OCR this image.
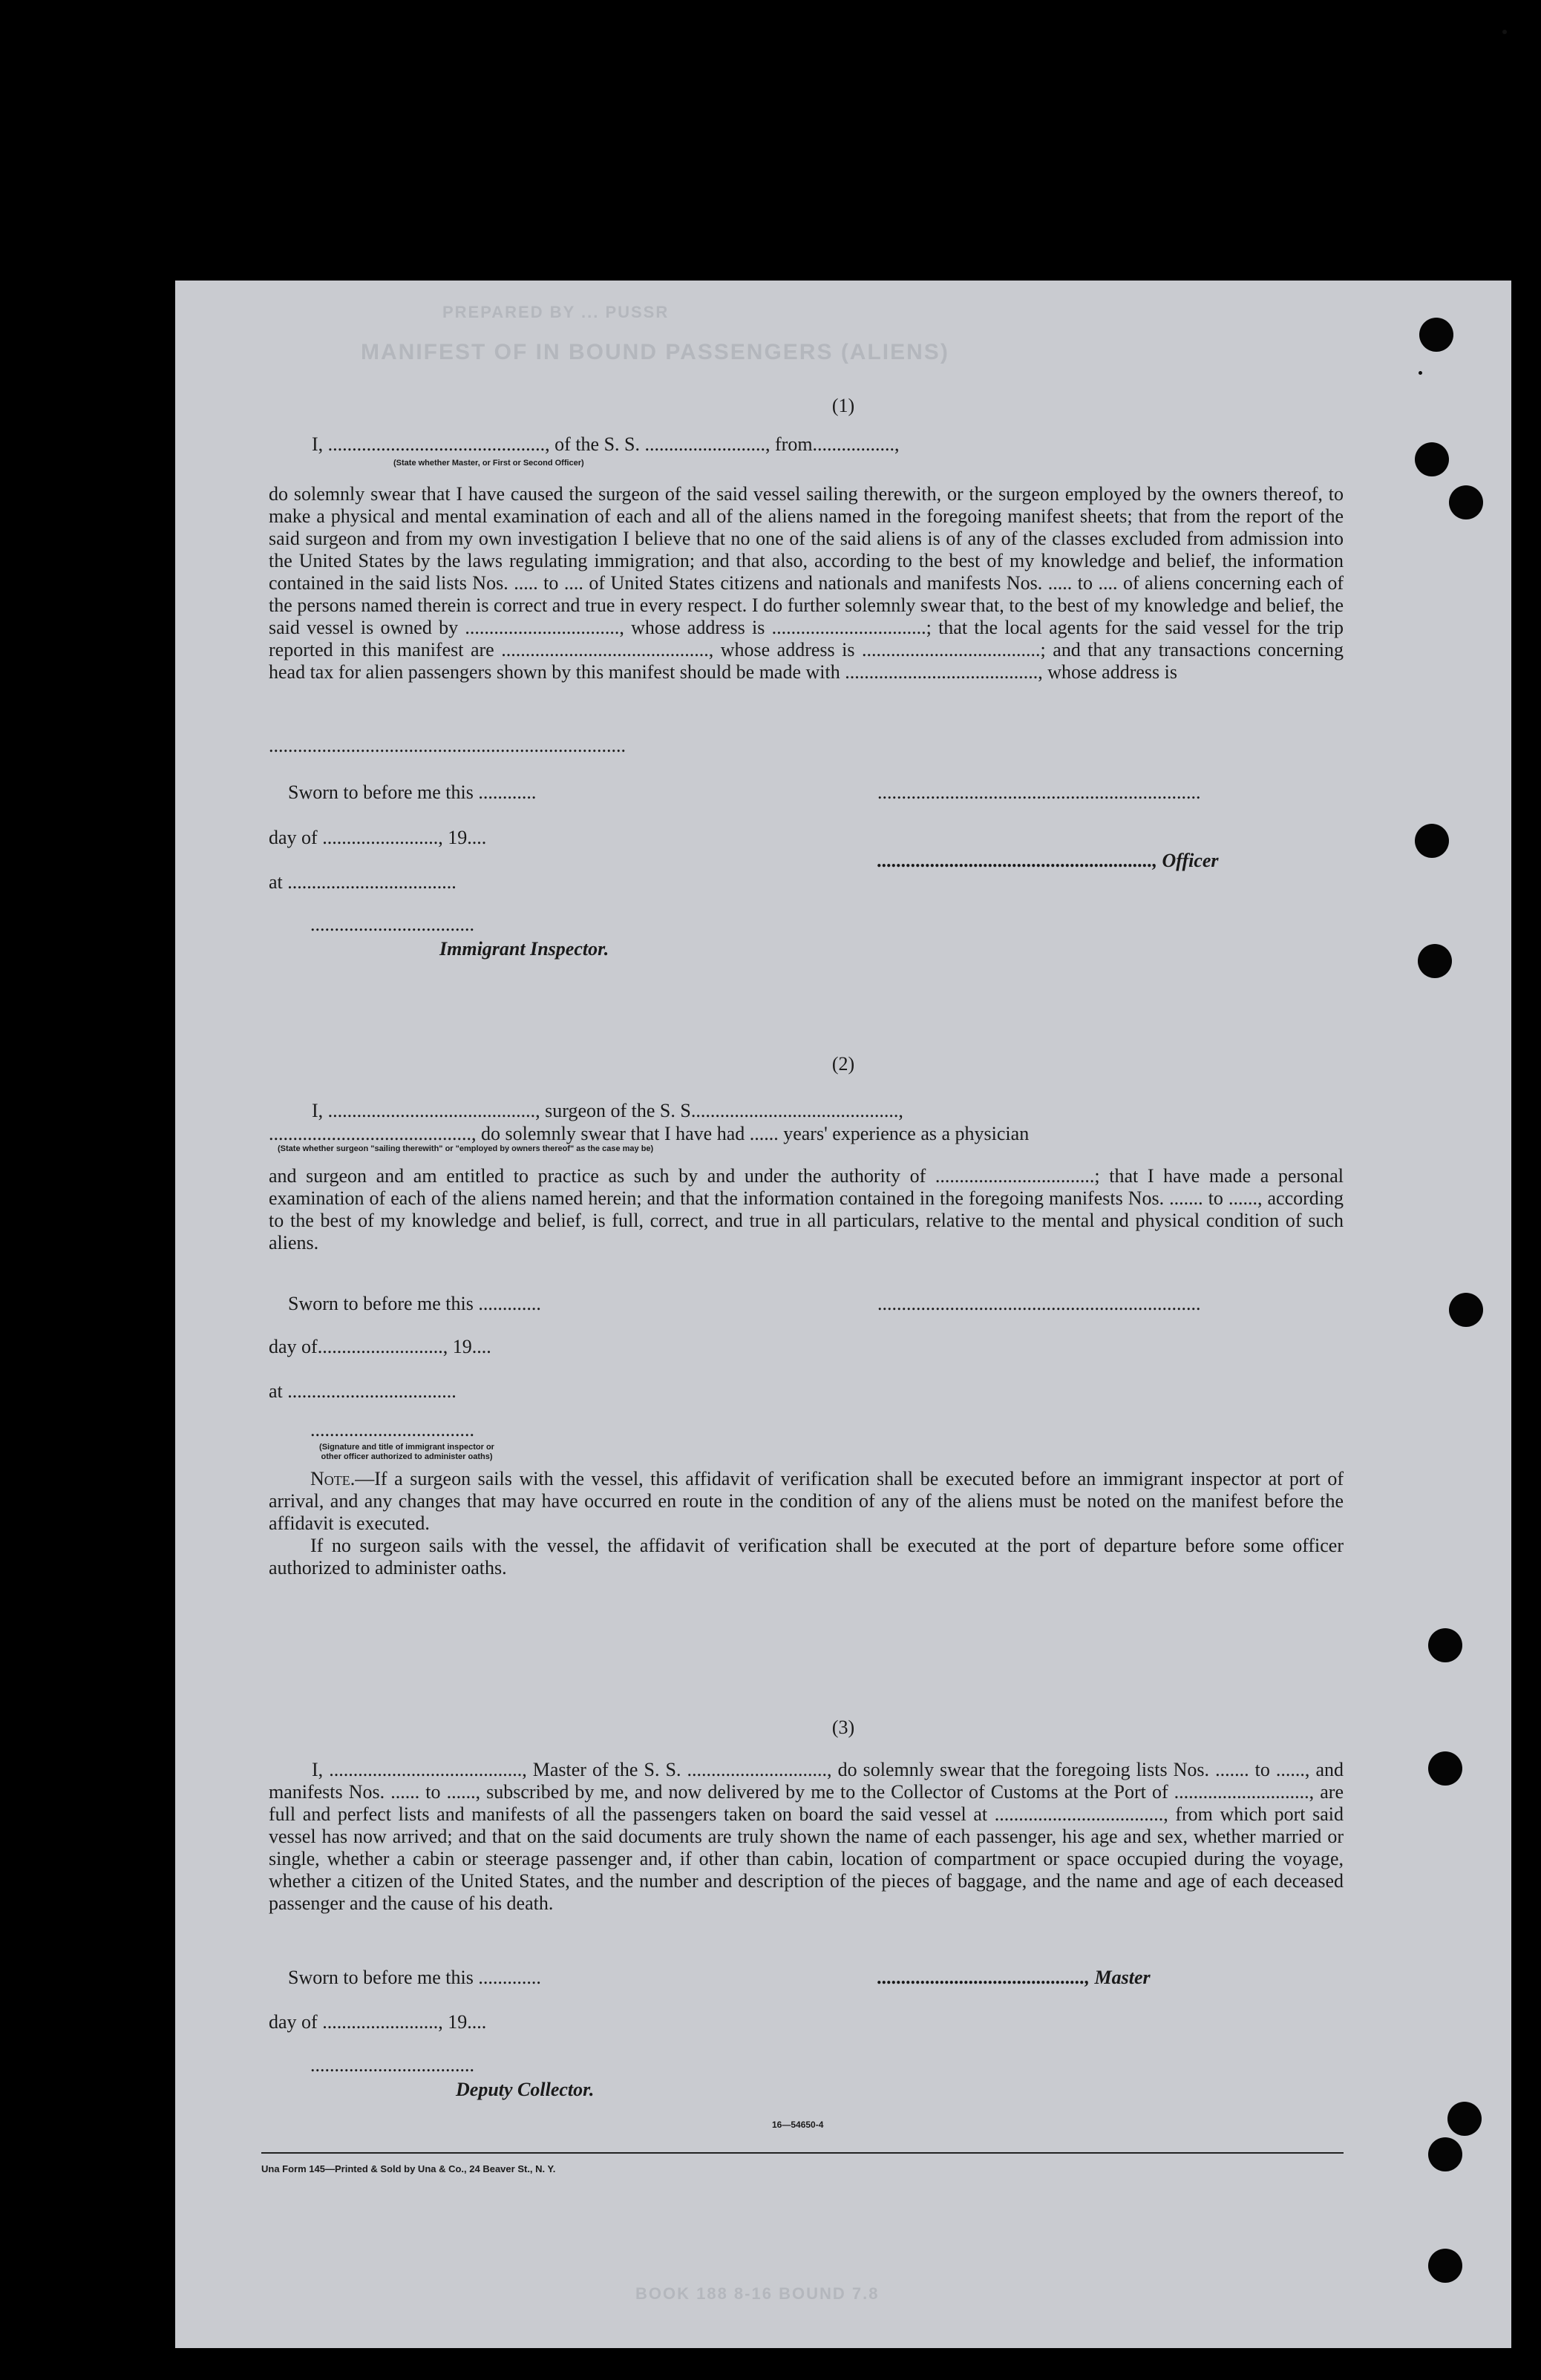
PREPARED BY ... PUSSR
MANIFEST OF IN BOUND PASSENGERS (ALIENS)
(1)
I, ............................................., of the S. S. ........................., from.................,
(State whether Master, or First or Second Officer)
do solemnly swear that I have caused the surgeon of the said vessel sailing therewith, or the surgeon employed by the owners thereof, to make a physical and mental examination of each and all of the aliens named in the foregoing manifest sheets; that from the report of the said surgeon and from my own investigation I believe that no one of the said aliens is of any of the classes excluded from admission into the United States by the laws regulating immigration; and that also, according to the best of my knowledge and belief, the information contained in the said lists Nos. ..... to .... of United States citizens and nationals and manifests Nos. ..... to .... of aliens concerning each of the persons named therein is correct and true in every respect. I do further solemnly swear that, to the best of my knowledge and belief, the said vessel is owned by ................................, whose address is ................................; that the local agents for the said vessel for the trip reported in this manifest are ..........................................., whose address is .....................................; and that any transactions concerning head tax for alien passengers shown by this manifest should be made with ........................................, whose address is
..........................................................................
Sworn to before me this ............
day of ........................, 19....
at ...................................
..................................
Immigrant Inspector.
...................................................................
........................................................., Officer
(2)
I, ..........................................., surgeon of the S. S...........................................,
.........................................., do solemnly swear that I have had ...... years' experience as a physician
(State whether surgeon "sailing therewith" or "employed by owners thereof" as the case may be)
and surgeon and am entitled to practice as such by and under the authority of .................................; that I have made a personal examination of each of the aliens named herein; and that the information contained in the foregoing manifests Nos. ....... to ......, according to the best of my knowledge and belief, is full, correct, and true in all particulars, relative to the mental and physical condition of such aliens.
Sworn to before me this .............
day of.........................., 19....
at ...................................
..................................
(Signature and title of immigrant inspector or
other officer authorized to administer oaths)
...................................................................
Note.—If a surgeon sails with the vessel, this affidavit of verification shall be executed before an immigrant inspector at port of arrival, and any changes that may have occurred en route in the condition of any of the aliens must be noted on the manifest before the affidavit is executed.
If no surgeon sails with the vessel, the affidavit of verification shall be executed at the port of departure before some officer authorized to administer oaths.
(3)
I, ........................................, Master of the S. S. ............................., do solemnly swear that the foregoing lists Nos. ....... to ......, and manifests Nos. ...... to ......, subscribed by me, and now delivered by me to the Collector of Customs at the Port of ............................, are full and perfect lists and manifests of all the passengers taken on board the said vessel at ..................................., from which port said vessel has now arrived; and that on the said documents are truly shown the name of each passenger, his age and sex, whether married or single, whether a cabin or steerage passenger and, if other than cabin, location of compartment or space occupied during the voyage, whether a citizen of the United States, and the number and description of the pieces of baggage, and the name and age of each deceased passenger and the cause of his death.
Sworn to before me this .............	..........................................., Master
day of ........................, 19....
..................................
Deputy Collector.
16—54650-4
Una Form 145—Printed & Sold by Una & Co., 24 Beaver St., N. Y.
BOOK 188 8-16 BOUND 7.8
